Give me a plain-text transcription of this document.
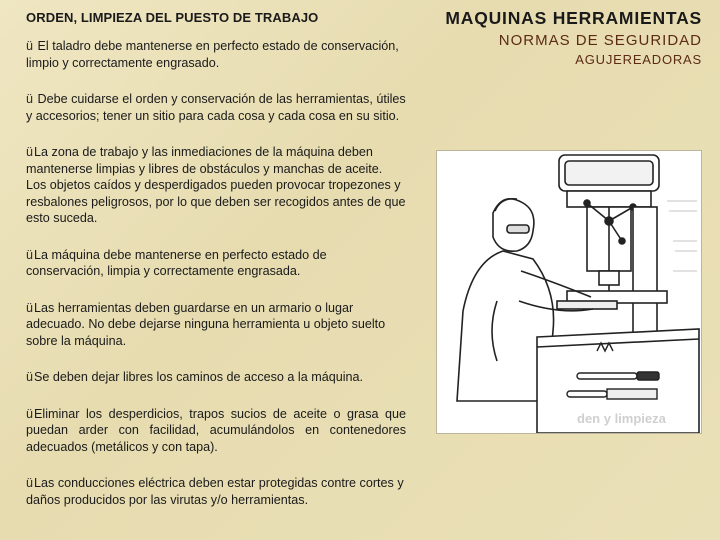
ORDEN, LIMPIEZA DEL PUESTO DE TRABAJO
ü El taladro debe mantenerse en perfecto estado de conservación, limpio y correctamente engrasado.
ü Debe cuidarse el orden y conservación de las herramientas, útiles y accesorios; tener un sitio para cada cosa y cada cosa en su sitio.
üLa zona de trabajo y las inmediaciones de la máquina deben mantenerse limpias y libres de obstáculos y manchas de aceite. Los objetos caídos y desperdigados pueden provocar tropezones y resbalones peligrosos, por lo que deben ser recogidos antes de que esto suceda.
üLa máquina debe mantenerse en perfecto estado de conservación, limpia y correctamente engrasada.
üLas herramientas deben guardarse en un armario o lugar adecuado. No debe dejarse ninguna herramienta u objeto suelto sobre la máquina.
üSe deben dejar libres los caminos de acceso a la máquina.
üEliminar los desperdicios, trapos sucios de aceite o grasa que puedan arder con facilidad, acumulándolos en contenedores adecuados (metálicos y con tapa).
üLas conducciones eléctrica deben estar protegidas contre cortes y daños producidos por las virutas y/o herramientas.
MAQUINAS HERRAMIENTAS
NORMAS DE SEGURIDAD
AGUJEREADORAS
den y limpieza
